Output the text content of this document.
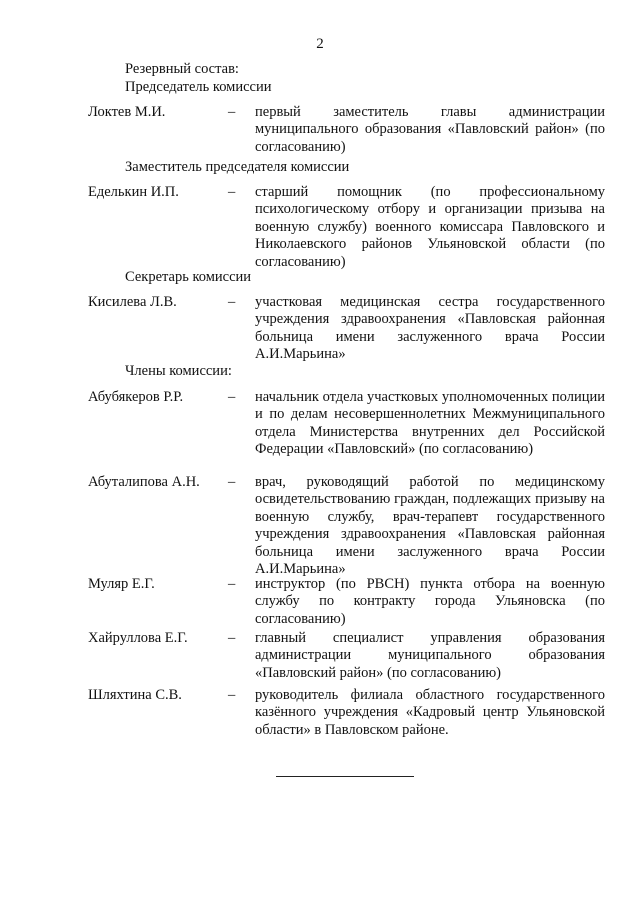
2
Резервный состав:
Председатель комиссии
Локтев М.И.	– первый заместитель главы администрации муниципального образования «Павловский район» (по согласованию)
Заместитель председателя комиссии
Еделькин И.П.	– старший помощник (по профессиональному психологическому отбору и организации призыва на военную службу) военного комиссара Павловского и Николаевского районов Ульяновской области (по согласованию)
Секретарь комиссии
Кисилева Л.В.	– участковая медицинская сестра государственного учреждения здравоохранения «Павловская районная больница имени заслуженного врача России А.И.Марьина»
Члены комиссии:
Абубякеров Р.Р.	– начальник отдела участковых уполномоченных полиции и по делам несовершеннолетних Межмуниципального отдела Министерства внутренних дел Российской Федерации «Павловский» (по согласованию)
Абуталипова А.Н. – врач, руководящий работой по медицинскому освидетельствованию граждан, подлежащих призыву на военную службу, врач-терапевт государственного учреждения здравоохранения «Павловская районная больница имени заслуженного врача России А.И.Марьина»
Муляр Е.Г.	– инструктор (по РВСН) пункта отбора на военную службу по контракту города Ульяновска (по согласованию)
Хайруллова Е.Г.	– главный специалист управления образования администрации муниципального образования «Павловский район» (по согласованию)
Шляхтина С.В.	– руководитель филиала областного государственного казённого учреждения «Кадровый центр Ульяновской области» в Павловском районе.
